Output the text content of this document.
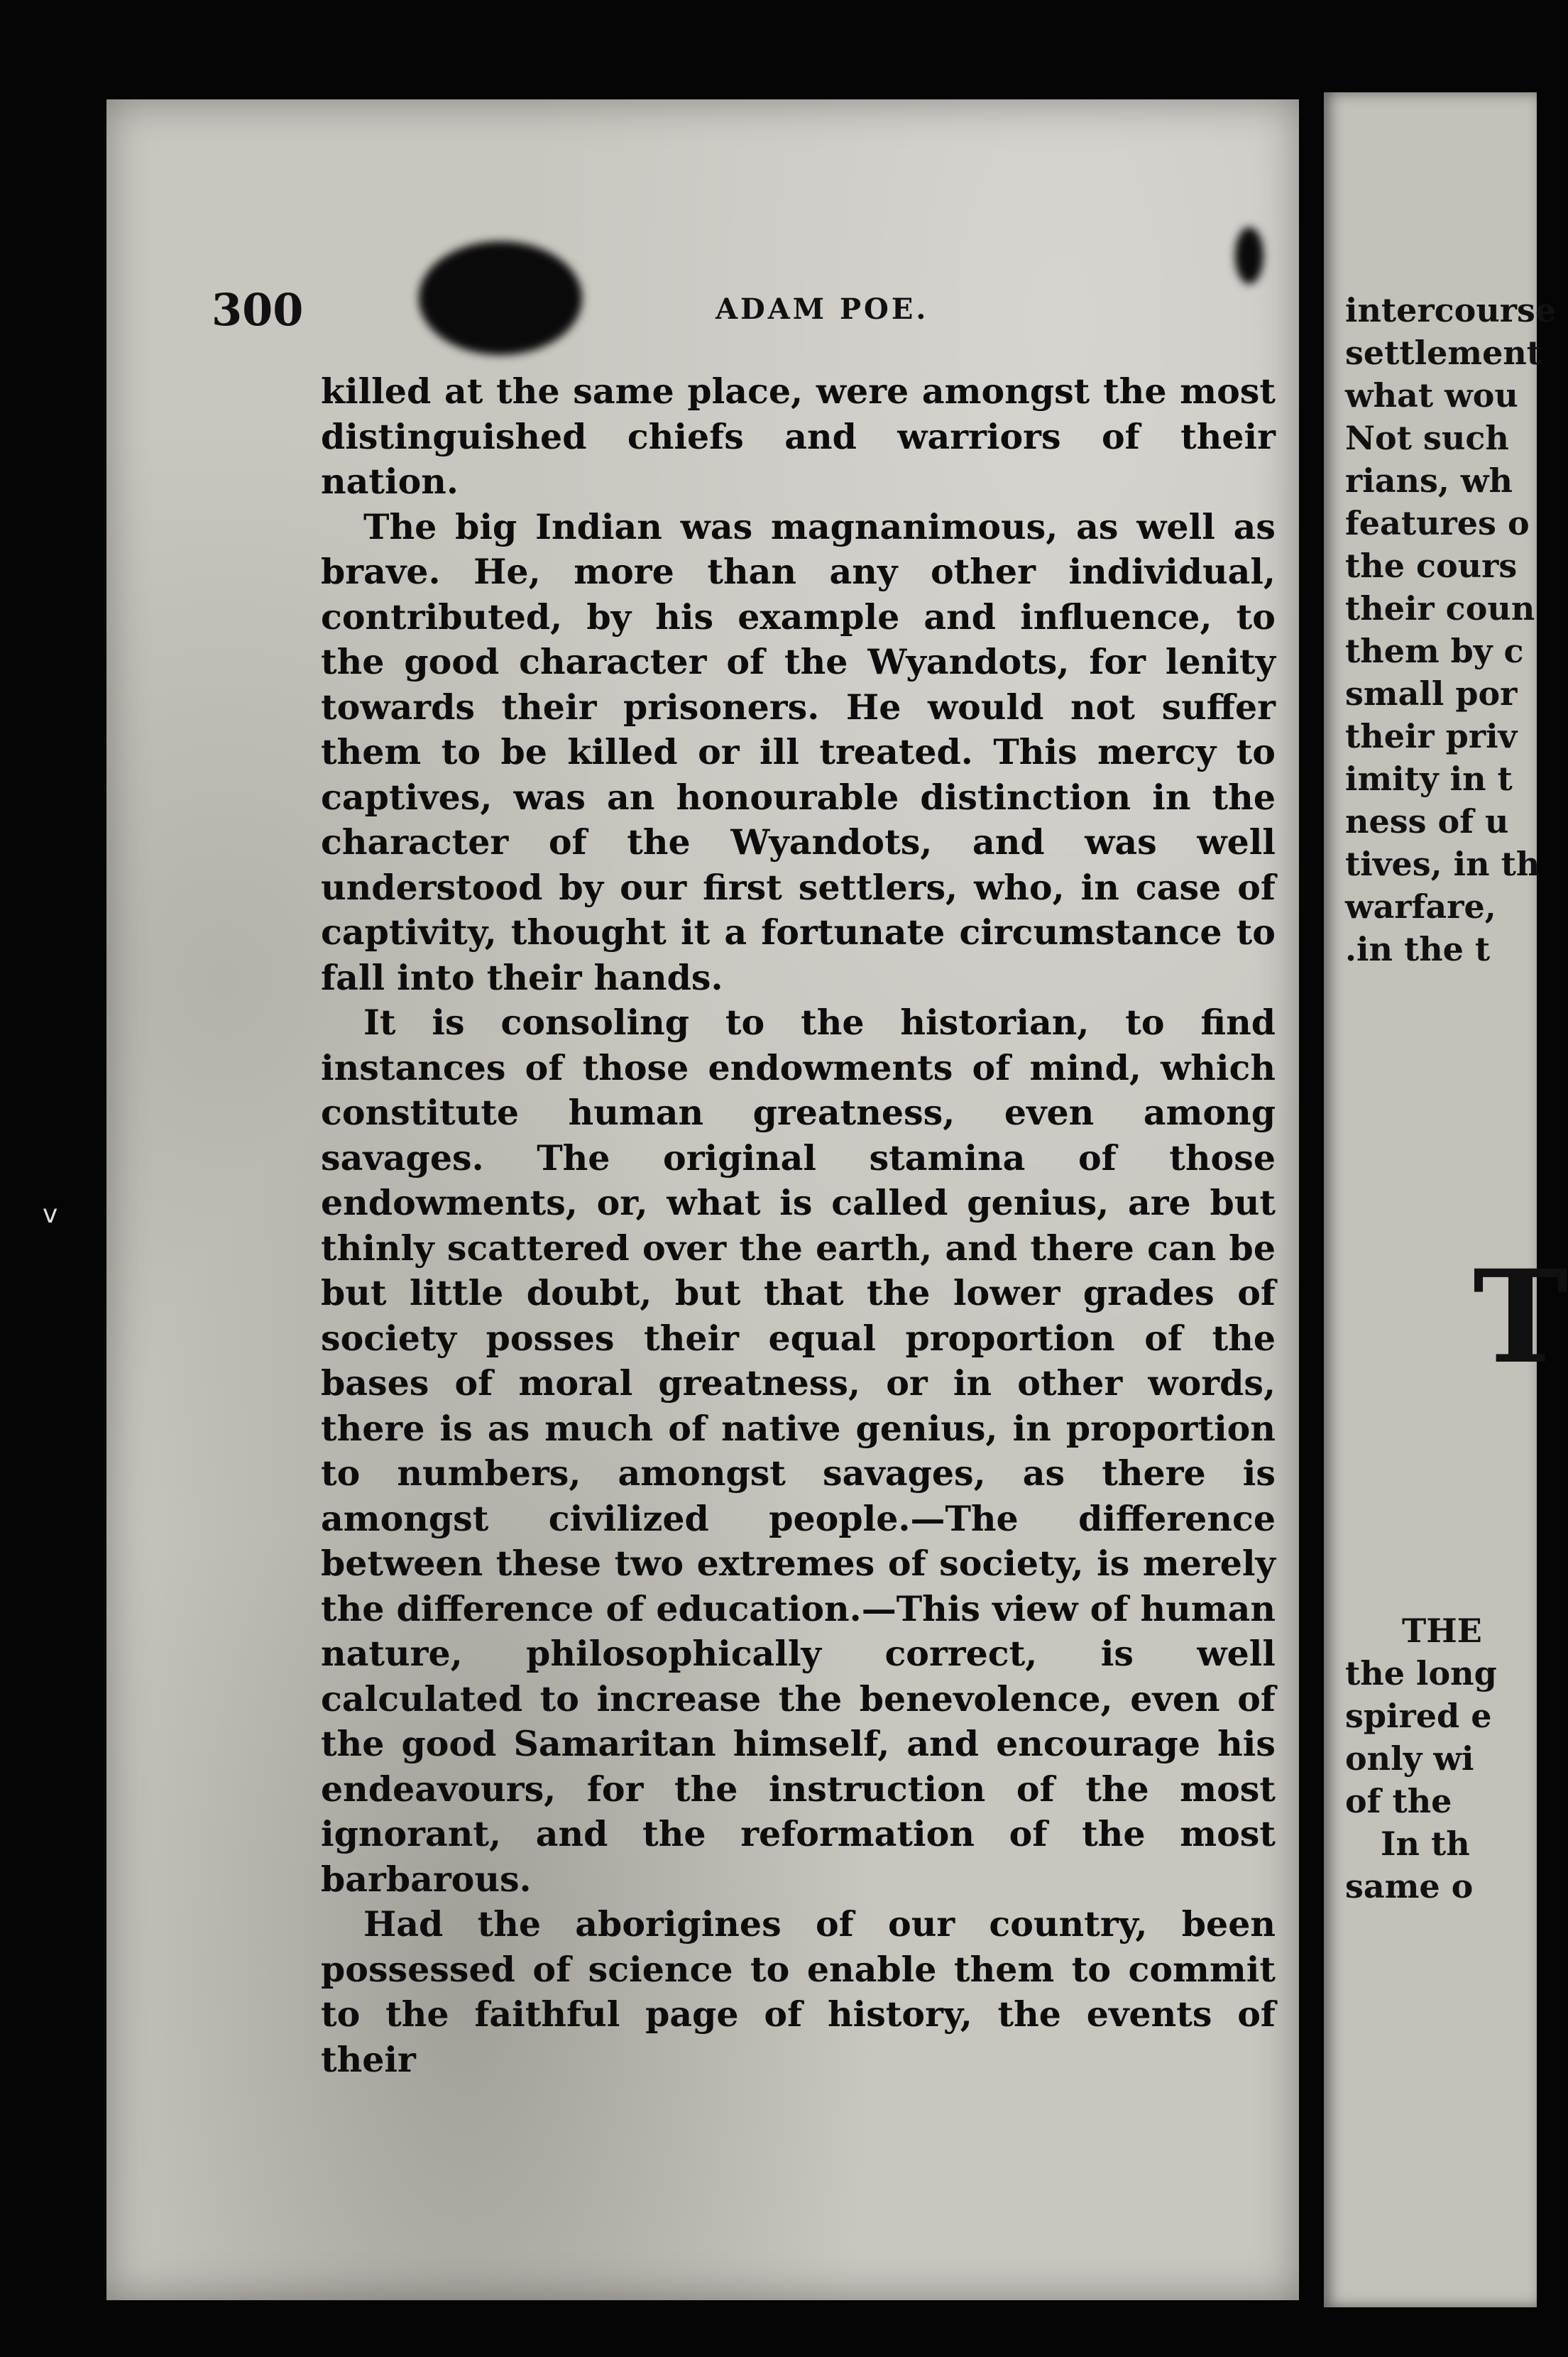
300	ADAM POE.

killed at the same place, were amongst the most distinguished chiefs and warriors of their nation.

The big Indian was magnanimous, as well as brave. He, more than any other individual, contributed, by his example and influence, to the good character of the Wyandots, for lenity towards their prisoners. He would not suffer them to be killed or ill treated. This mercy to captives, was an honourable distinction in the character of the Wyandots, and was well understood by our first settlers, who, in case of captivity, thought it a fortunate circumstance to fall into their hands.

It is consoling to the historian, to find instances of those endowments of mind, which constitute human greatness, even among savages. The original stamina of those endowments, or, what is called genius, are but thinly scattered over the earth, and there can be but little doubt, but that the lower grades of society posses their equal proportion of the bases of moral greatness, or in other words, there is as much of native genius, in proportion to numbers, amongst savages, as there is amongst civilized people.—The difference between these two extremes of society, is merely the difference of education.—This view of human nature, philosophically correct, is well calculated to increase the benevolence, even of the good Samaritan himself, and encourage his endeavours, for the instruction of the most ignorant, and the reformation of the most barbarous.

Had the aborigines of our country, been possessed of science to enable them to commit to the faithful page of history, the events of their

intercourse
settlement
what wou
Not such
rians, wh
features o
the cours
their coun
them by c
small por
their priv
imity in t
ness of u
tives, in th
warfare,
.in the t
T
THE
the long
spired e
only wi
of the
In th
same o
v
